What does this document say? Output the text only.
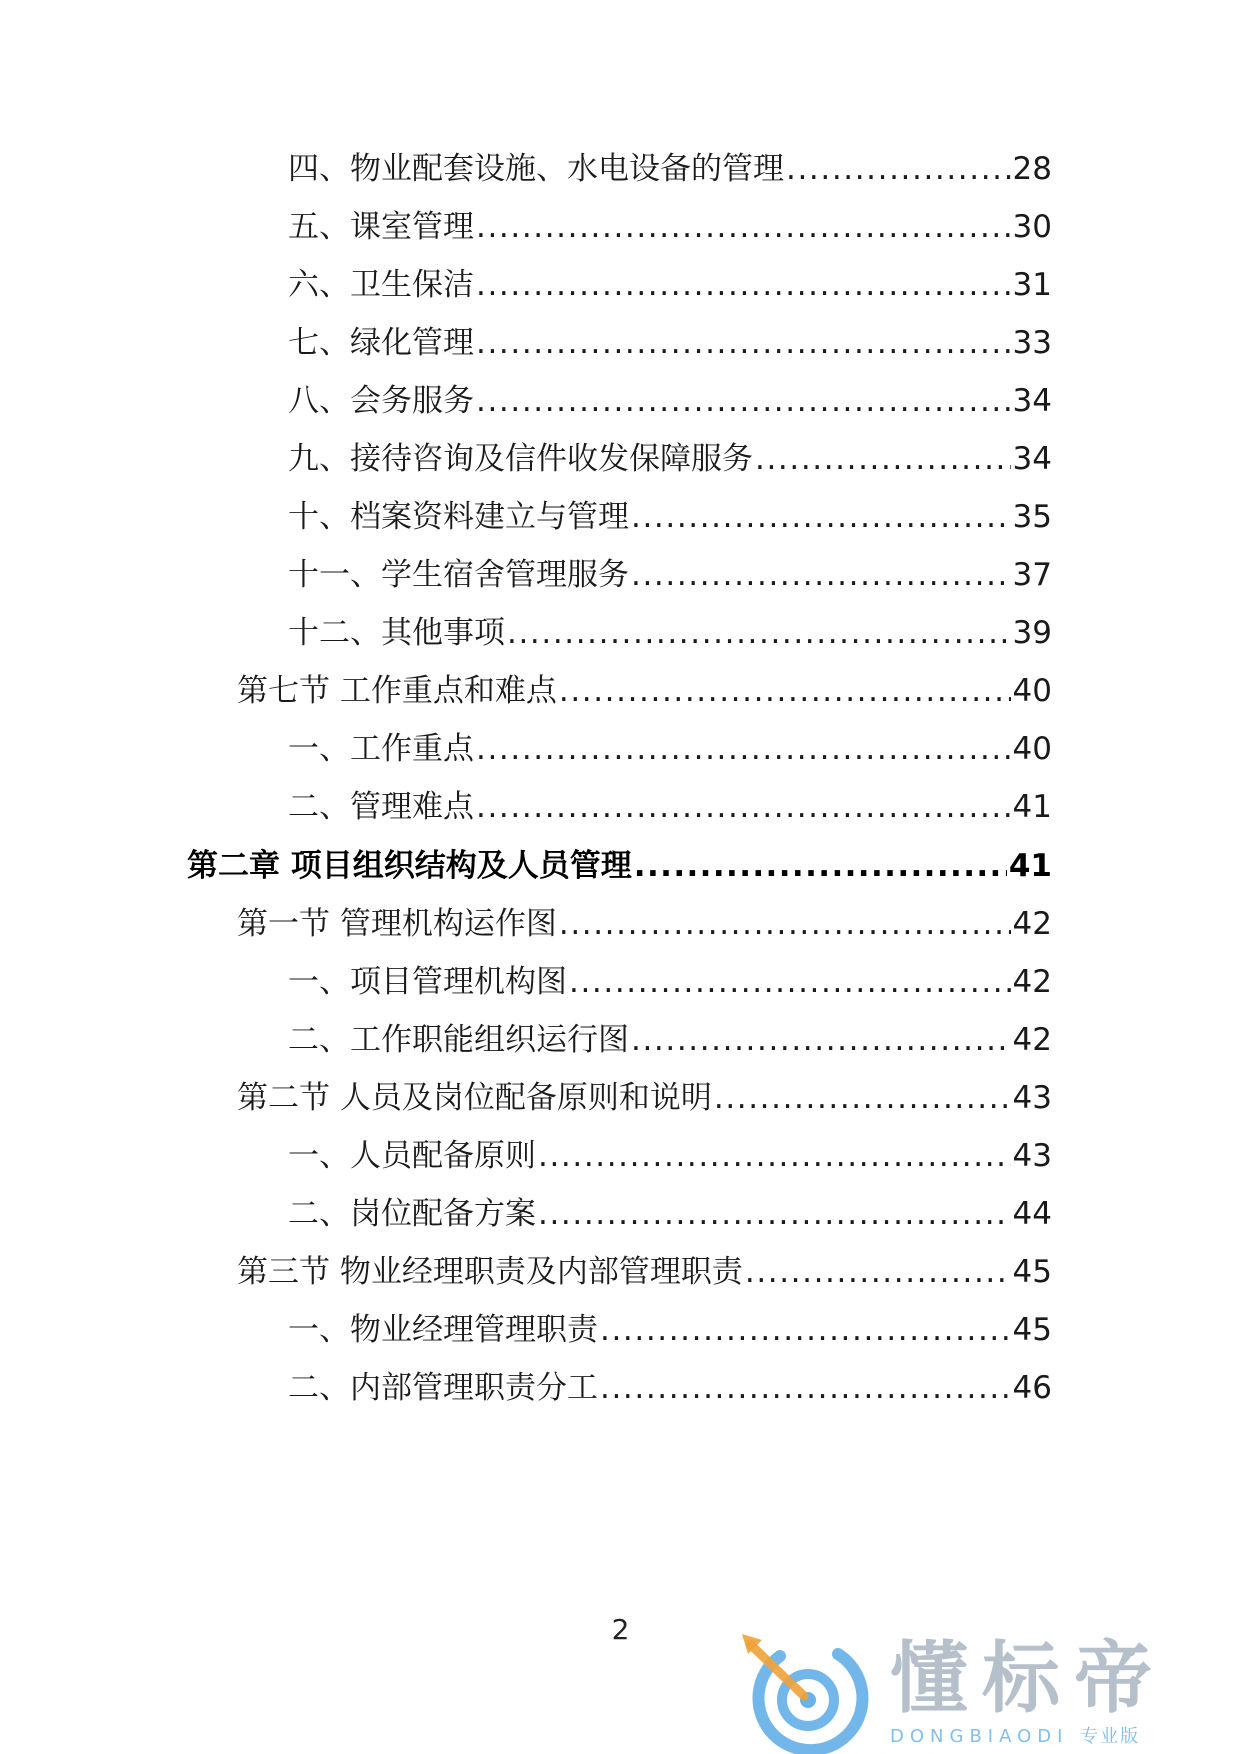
四、物业配套设施、水电设备的管理 .....	28
五、课室管理 .....	30
六、卫生保洁 .....	31
七、绿化管理 .....	33
八、会务服务 .....	34
九、接待咨询及信件收发保障服务 .....	34
十、档案资料建立与管理 .....	35
十一、学生宿舍管理服务 .....	37
十二、其他事项 .....	39
第七节 工作重点和难点 .....	40
一、工作重点 .....	40
二、管理难点 .....	41
第二章 项目组织结构及人员管理 .....	41
第一节 管理机构运作图 .....	42
一、项目管理机构图 .....	42
二、工作职能组织运行图 .....	42
第二节 人员及岗位配备原则和说明 .....	43
一、人员配备原则 .....	43
二、岗位配备方案 .....	44
第三节 物业经理职责及内部管理职责 .....	45
一、物业经理管理职责 .....	45
二、内部管理职责分工 .....	46
2
懂标帝
DONGBIAODI 专业版
